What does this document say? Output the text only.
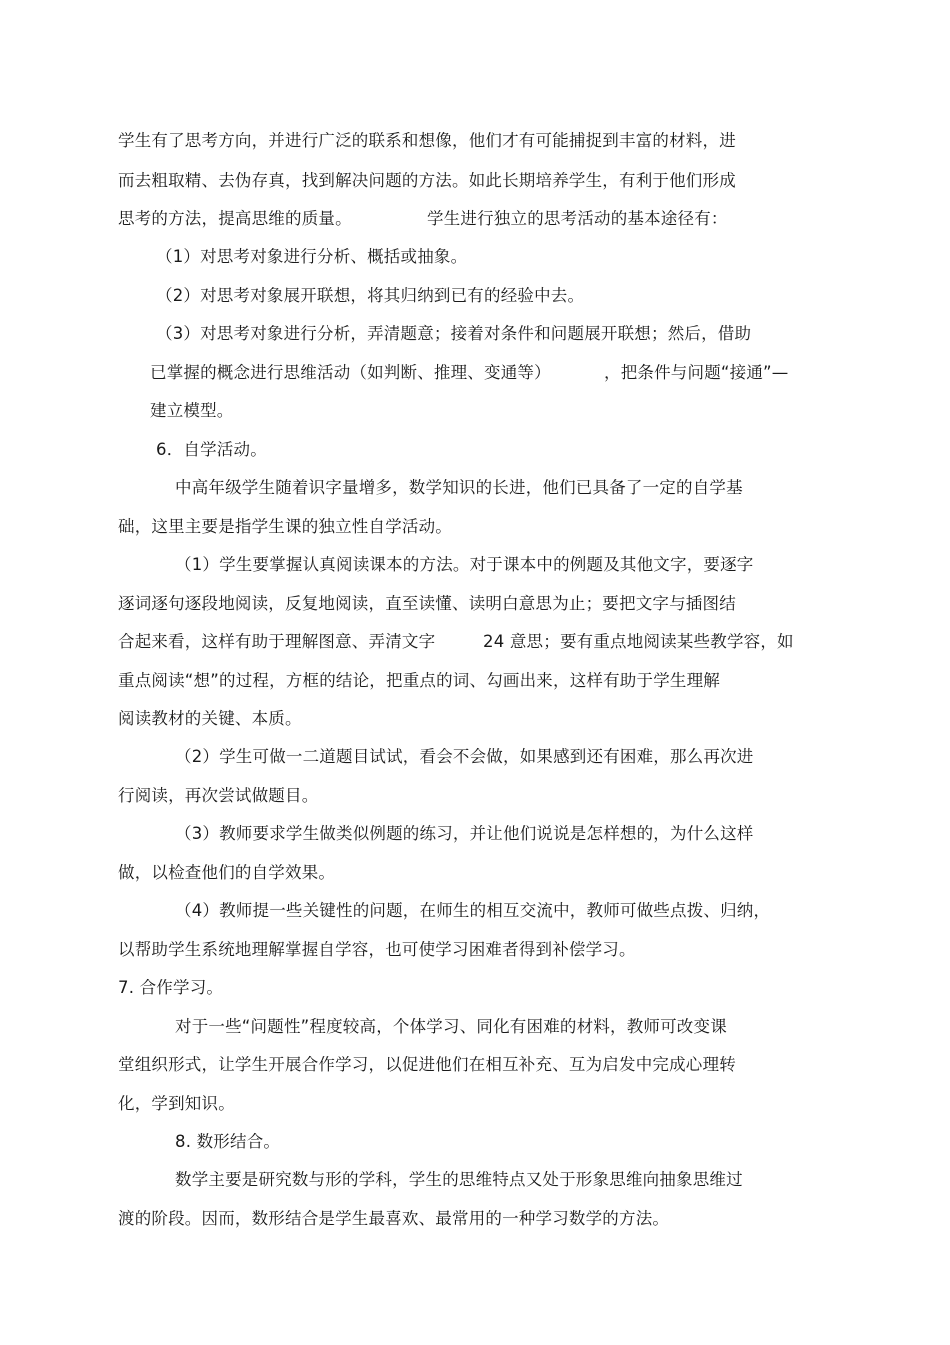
学生有了思考方向，并进行广泛的联系和想像，他们才有可能捕捉到丰富的材料，进
而去粗取精、去伪存真，找到解决问题的方法。如此长期培养学生，有利于他们形成
思考的方法，提高思维的质量。	学生进行独立的思考活动的基本途径有：
（1）对思考对象进行分析、概括或抽象。
（2）对思考对象展开联想，将其归纳到已有的经验中去。
（3）对思考对象进行分析，弄清题意；接着对条件和问题展开联想；然后，借助
已掌握的概念进行思维活动（如判断、推理、变通等）	，把条件与问题“接通”—
建立模型。
6．自学活动。
中高年级学生随着识字量增多，数学知识的长进，他们已具备了一定的自学基
础，这里主要是指学生课的独立性自学活动。
（1）学生要掌握认真阅读课本的方法。对于课本中的例题及其他文字，要逐字
逐词逐句逐段地阅读，反复地阅读，直至读懂、读明白意思为止；要把文字与插图结
合起来看，这样有助于理解图意、弄清文字	24 意思；要有重点地阅读某些教学容，如
重点阅读“想”的过程，方框的结论，把重点的词、勾画出来，这样有助于学生理解
阅读教材的关键、本质。
（2）学生可做一二道题目试试，看会不会做，如果感到还有困难，那么再次进
行阅读，再次尝试做题目。
（3）教师要求学生做类似例题的练习，并让他们说说是怎样想的，为什么这样
做，以检查他们的自学效果。
（4）教师提一些关键性的问题，在师生的相互交流中，教师可做些点拨、归纳，
以帮助学生系统地理解掌握自学容，也可使学习困难者得到补偿学习。
7. 合作学习。
对于一些“问题性”程度较高，个体学习、同化有困难的材料，教师可改变课
堂组织形式，让学生开展合作学习，以促进他们在相互补充、互为启发中完成心理转
化，学到知识。
8. 数形结合。
数学主要是研究数与形的学科，学生的思维特点又处于形象思维向抽象思维过
渡的阶段。因而，数形结合是学生最喜欢、最常用的一种学习数学的方法。
